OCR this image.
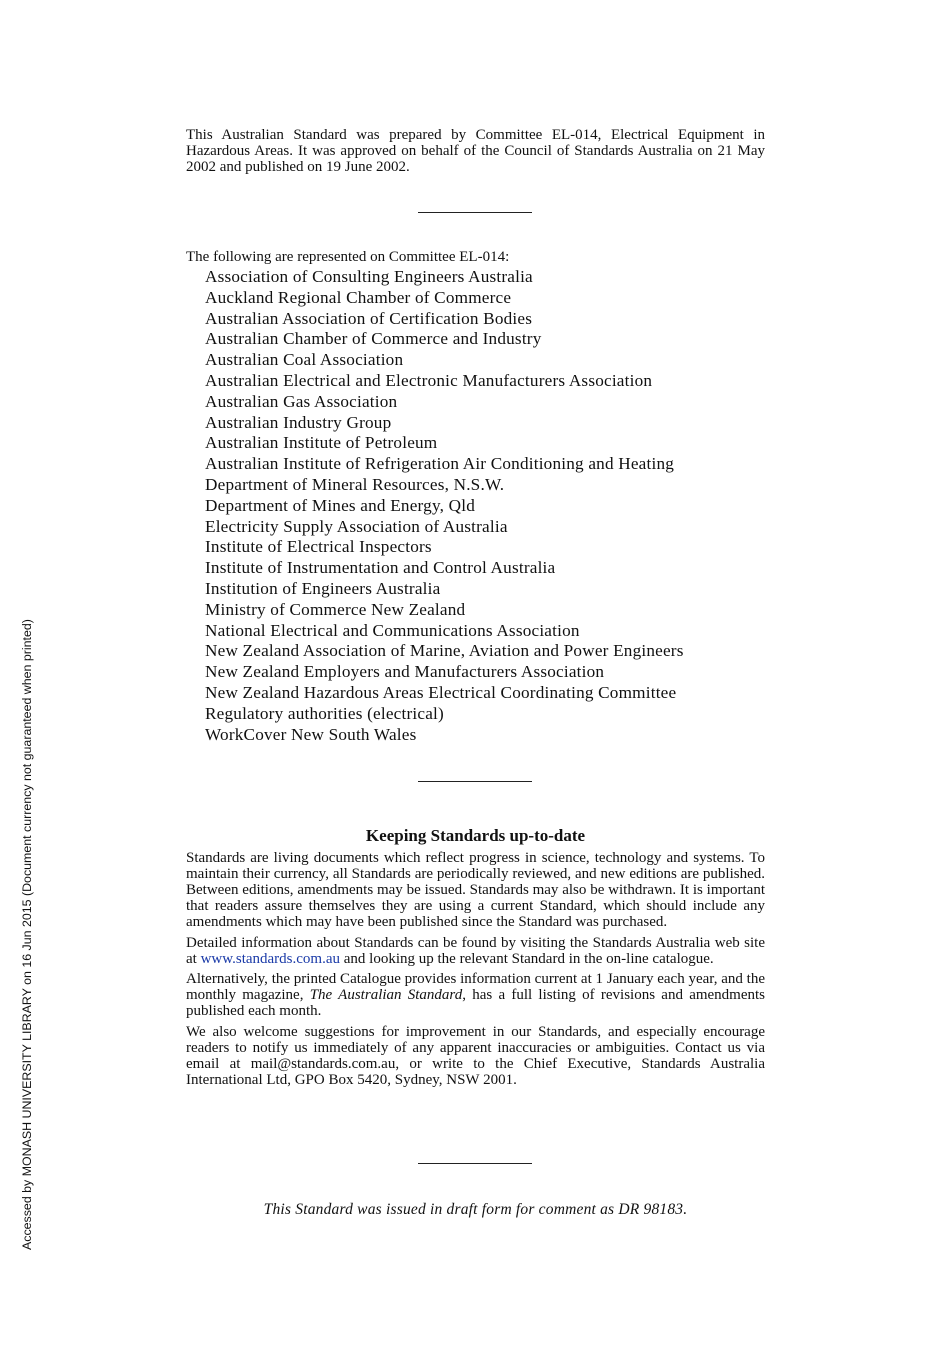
Accessed by MONASH UNIVERSITY LIBRARY on 16 Jun 2015 (Document currency not guaranteed when printed)
This Australian Standard was prepared by Committee EL-014, Electrical Equipment in Hazardous Areas. It was approved on behalf of the Council of Standards Australia on 21 May 2002 and published on 19 June 2002.
The following are represented on Committee EL-014:
Association of Consulting Engineers Australia
Auckland Regional Chamber of Commerce
Australian Association of Certification Bodies
Australian Chamber of Commerce and Industry
Australian Coal Association
Australian Electrical and Electronic Manufacturers Association
Australian Gas Association
Australian Industry Group
Australian Institute of Petroleum
Australian Institute of Refrigeration Air Conditioning and Heating
Department of Mineral Resources, N.S.W.
Department of Mines and Energy, Qld
Electricity Supply Association of Australia
Institute of Electrical Inspectors
Institute of Instrumentation and Control Australia
Institution of Engineers Australia
Ministry of Commerce New Zealand
National Electrical and Communications Association
New Zealand Association of Marine, Aviation and Power Engineers
New Zealand Employers and Manufacturers Association
New Zealand Hazardous Areas Electrical Coordinating Committee
Regulatory authorities (electrical)
WorkCover New South Wales
Keeping Standards up-to-date

Standards are living documents which reflect progress in science, technology and systems. To maintain their currency, all Standards are periodically reviewed, and new editions are published. Between editions, amendments may be issued. Standards may also be withdrawn. It is important that readers assure themselves they are using a current Standard, which should include any amendments which may have been published since the Standard was purchased.

Detailed information about Standards can be found by visiting the Standards Australia web site at www.standards.com.au and looking up the relevant Standard in the on-line catalogue.

Alternatively, the printed Catalogue provides information current at 1 January each year, and the monthly magazine, The Australian Standard, has a full listing of revisions and amendments published each month.

We also welcome suggestions for improvement in our Standards, and especially encourage readers to notify us immediately of any apparent inaccuracies or ambiguities. Contact us via email at mail@standards.com.au, or write to the Chief Executive, Standards Australia International Ltd, GPO Box 5420, Sydney, NSW 2001.

This Standard was issued in draft form for comment as DR 98183.
